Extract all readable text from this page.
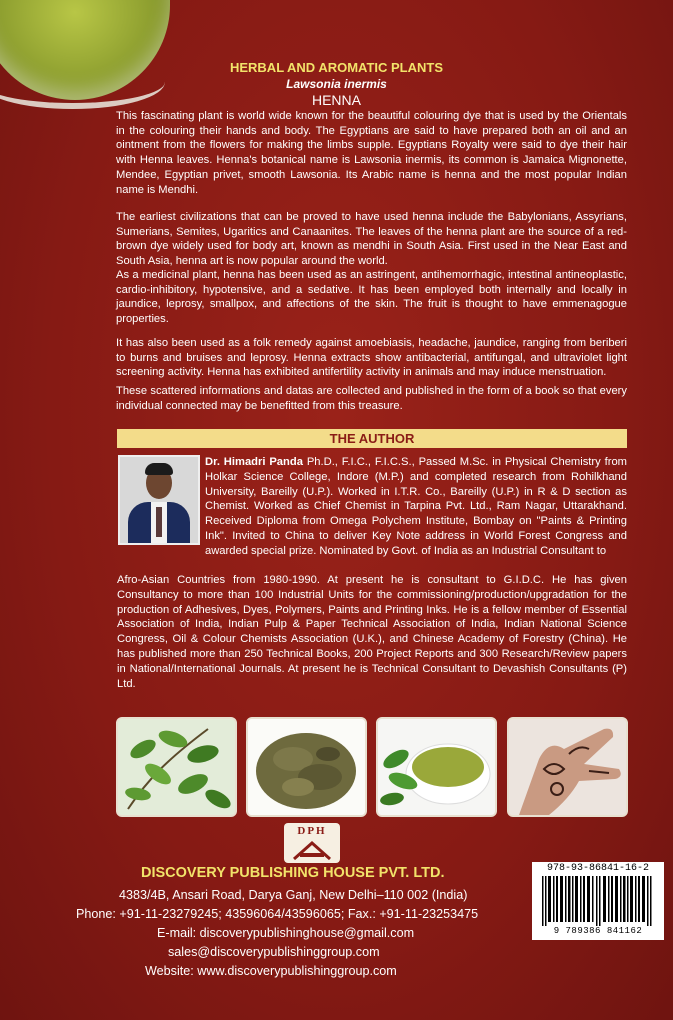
HERBAL AND AROMATIC PLANTS
Lawsonia inermis
HENNA

This fascinating plant is world wide known for the beautiful colouring dye that is used by the Orientals in the colouring their hands and body. The Egyptians are said to have prepared both an oil and an ointment from the flowers for making the limbs supple. Egyptians Royalty were said to dye their hair with Henna leaves. Henna's botanical name is Lawsonia inermis, its common is Jamaica Mignonette, Mendee, Egyptian privet, smooth Lawsonia. Its Arabic name is henna and the most popular Indian name is Mendhi.

The earliest civilizations that can be proved to have used henna include the Babylonians, Assyrians, Sumerians, Semites, Ugaritics and Canaanites. The leaves of the henna plant are the source of a red-brown dye widely used for body art, known as mendhi in South Asia. First used in the Near East and South Asia, henna art is now popular around the world.

As a medicinal plant, henna has been used as an astringent, antihemorrhagic, intestinal antineoplastic, cardio-inhibitory, hypotensive, and a sedative. It has been employed both internally and locally in jaundice, leprosy, smallpox, and affections of the skin. The fruit is thought to have emmenagogue properties.

It has also been used as a folk remedy against amoebiasis, headache, jaundice, ranging from beriberi to burns and bruises and leprosy. Henna extracts show antibacterial, antifungal, and ultraviolet light screening activity. Henna has exhibited antifertility activity in animals and may induce menstruation.

These scattered informations and datas are collected and published in the form of a book so that every individual connected may be benefitted from this treasure.

THE AUTHOR
Dr. Himadri Panda Ph.D., F.I.C., F.I.C.S., Passed M.Sc. in Physical Chemistry from Holkar Science College, Indore (M.P.) and completed research from Rohilkhand University, Bareilly (U.P.). Worked in I.T.R. Co., Bareilly (U.P.) in R & D section as Chemist. Worked as Chief Chemist in Tarpina Pvt. Ltd., Ram Nagar, Uttarakhand. Received Diploma from Omega Polychem Institute, Bombay on "Paints & Printing Ink". Invited to China to deliver Key Note address in World Forest Congress and awarded special prize. Nominated by Govt. of India as an Industrial Consultant to
Afro-Asian Countries from 1980-1990. At present he is consultant to G.I.D.C. He has given Consultancy to more than 100 Industrial Units for the commissioning/production/upgradation for the production of Adhesives, Dyes, Polymers, Paints and Printing Inks. He is a fellow member of Essential Association of India, Indian Pulp & Paper Technical Association of India, Indian National Science Congress, Oil & Colour Chemists Association (U.K.), and Chinese Academy of Forestry (China). He has published more than 250 Technical Books, 200 Project Reports and 300 Research/Review papers in National/International Journals. At present he is Technical Consultant to Devashish Consultants (P) Ltd.
DPH
DISCOVERY PUBLISHING HOUSE PVT. LTD.
4383/4B, Ansari Road, Darya Ganj, New Delhi–110 002 (India)
Phone: +91-11-23279245; 43596064/43596065; Fax.: +91-11-23253475
E-mail: discoverypublishinghouse@gmail.com
sales@discoverypublishinggroup.com
Website: www.discoverypublishinggroup.com
978-93-86841-16-2
9 789386 841162
